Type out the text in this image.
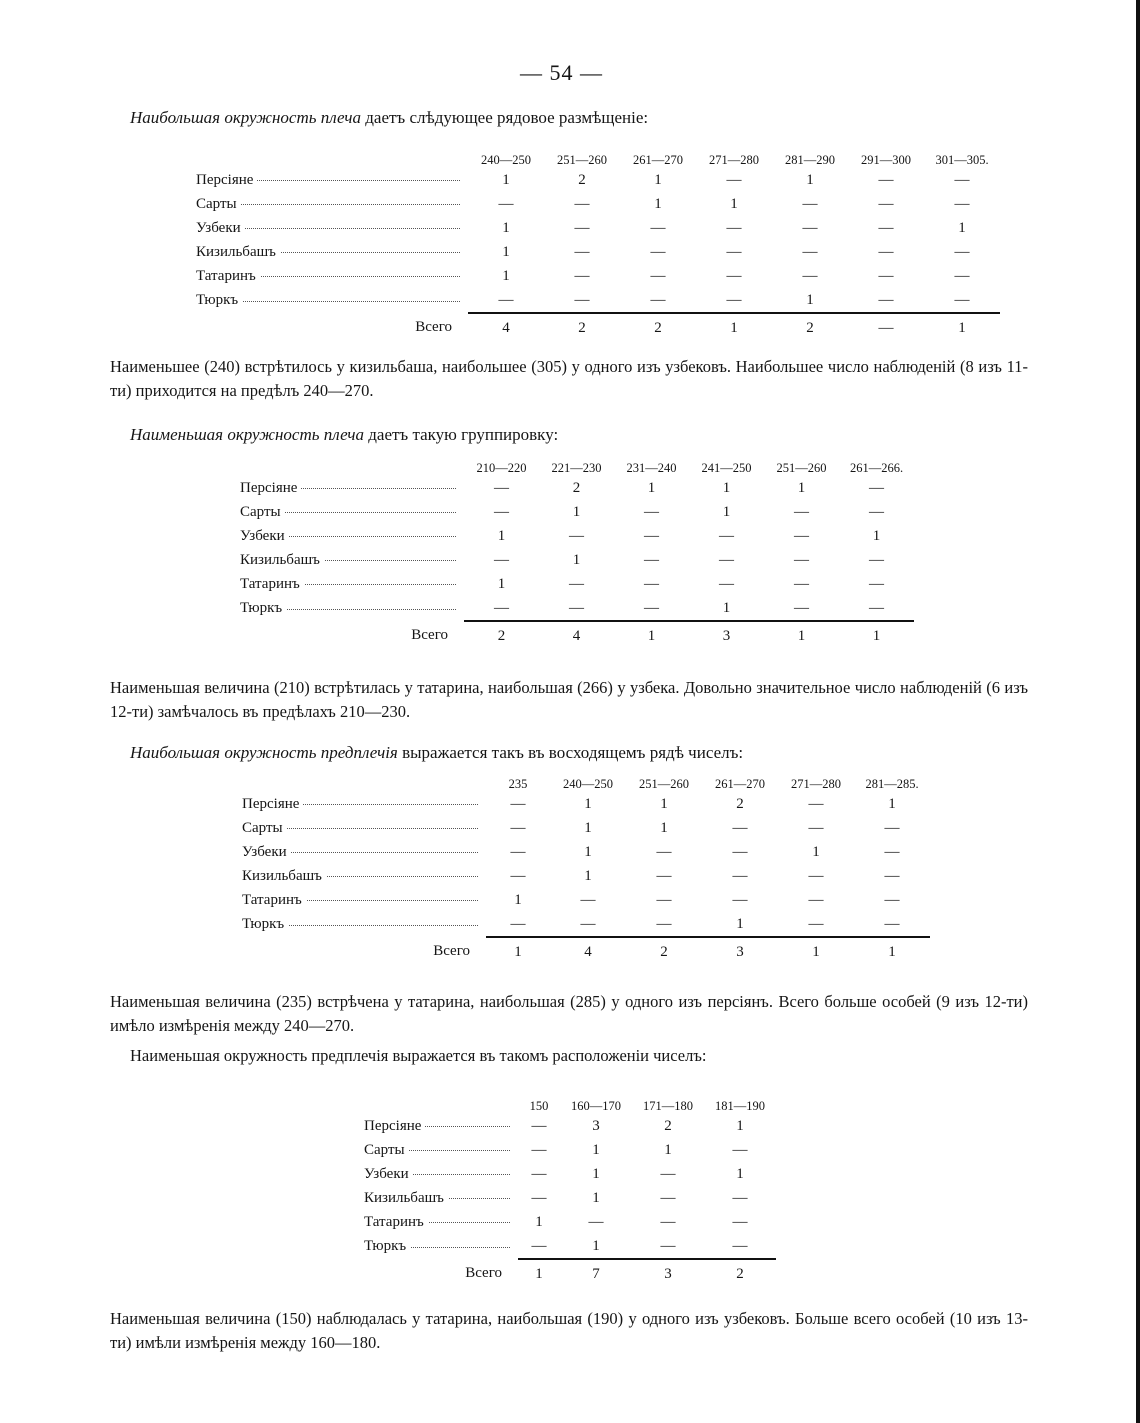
— 54 —
Наибольшая окружность плеча даетъ слѣдующее рядовое размѣщеніе:
	240—250	251—260	261—270	271—280	281—290	291—300	301—305.

Персіяне	1	2	1	—	1	—	—

Сарты	—	—	1	1	—	—	—

Узбеки	1	—	—	—	—	—	1

Кизильбашъ	1	—	—	—	—	—	—

Татаринъ	1	—	—	—	—	—	—

Тюркъ	—	—	—	—	1	—	—
Всего	4	2	2	1	2	—	1
Наименьшее (240) встрѣтилось у кизильбаша, наибольшее (305) у одного изъ узбековъ. Наибольшее число наблюденій (8 изъ 11-ти) приходится на предѣлъ 240—270.
Наименьшая окружность плеча даетъ такую группировку:
	210—220	221—230	231—240	241—250	251—260	261—266.

Персіяне	—	2	1	1	1	—

Сарты	—	1	—	1	—	—

Узбеки	1	—	—	—	—	1

Кизильбашъ	—	1	—	—	—	—

Татаринъ	1	—	—	—	—	—

Тюркъ	—	—	—	1	—	—
Всего	2	4	1	3	1	1
Наименьшая величина (210) встрѣтилась у татарина, наибольшая (266) у узбека. Довольно значительное число наблюденій (6 изъ 12-ти) замѣчалось въ предѣлахъ 210—230.
Наибольшая окружность предплечія выражается такъ въ восходящемъ рядѣ чиселъ:
	235	240—250	251—260	261—270	271—280	281—285.

Персіяне	—	1	1	2	—	1

Сарты	—	1	1	—	—	—

Узбеки	—	1	—	—	1	—

Кизильбашъ	—	1	—	—	—	—

Татаринъ	1	—	—	—	—	—

Тюркъ	—	—	—	1	—	—
Всего	1	4	2	3	1	1
Наименьшая величина (235) встрѣчена у татарина, наибольшая (285) у одного изъ персіянъ. Всего больше особей (9 изъ 12-ти) имѣло измѣренія между 240—270.
Наименьшая окружность предплечія выражается въ такомъ расположеніи чиселъ:
	150	160—170	171—180	181—190

Персіяне	—	3	2	1

Сарты	—	1	1	—

Узбеки	—	1	—	1

Кизильбашъ	—	1	—	—

Татаринъ	1	—	—	—

Тюркъ	—	1	—	—
Всего	1	7	3	2
Наименьшая величина (150) наблюдалась у татарина, наибольшая (190) у одного изъ узбековъ. Больше всего особей (10 изъ 13-ти) имѣли измѣренія между 160—180.
